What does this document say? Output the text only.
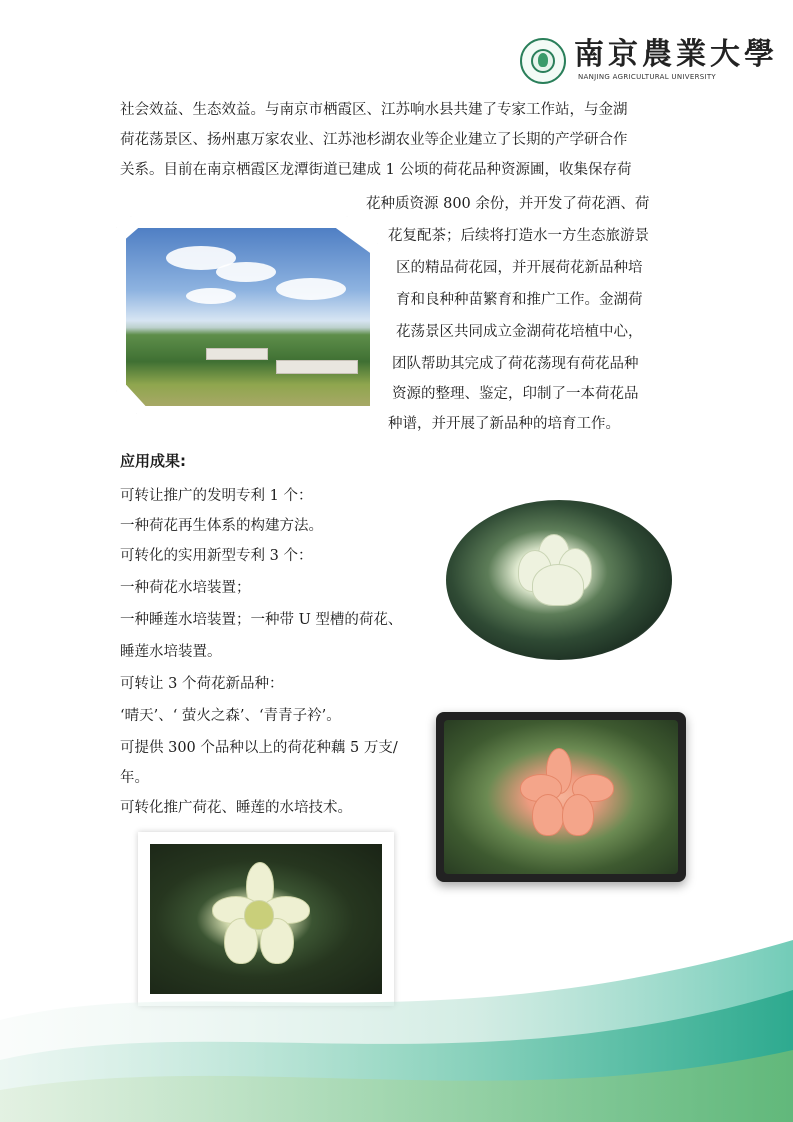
南京農業大學
NANJING AGRICULTURAL UNIVERSITY
社会效益、生态效益。与南京市栖霞区、江苏响水县共建了专家工作站，与金湖
荷花荡景区、扬州惠万家农业、江苏池杉湖农业等企业建立了长期的产学研合作
关系。目前在南京栖霞区龙潭街道已建成 1 公顷的荷花品种资源圃，收集保存荷
花种质资源 800 余份，并开发了荷花酒、荷
花复配茶；后续将打造水一方生态旅游景
区的精品荷花园，并开展荷花新品种培
育和良种种苗繁育和推广工作。金湖荷
花荡景区共同成立金湖荷花培植中心，
团队帮助其完成了荷花荡现有荷花品种
资源的整理、鉴定，印制了一本荷花品
种谱，并开展了新品种的培育工作。
应用成果:
可转让推广的发明专利 1 个：
一种荷花再生体系的构建方法。
可转化的实用新型专利 3 个：
一种荷花水培装置；
一种睡莲水培装置；一种带 U 型槽的荷花、
睡莲水培装置。
可转让 3 个荷花新品种：
‘晴天’、‘ 萤火之森’、‘青青子衿’。
可提供 300 个品种以上的荷花种藕 5 万支/
年。
可转化推广荷花、睡莲的水培技术。
